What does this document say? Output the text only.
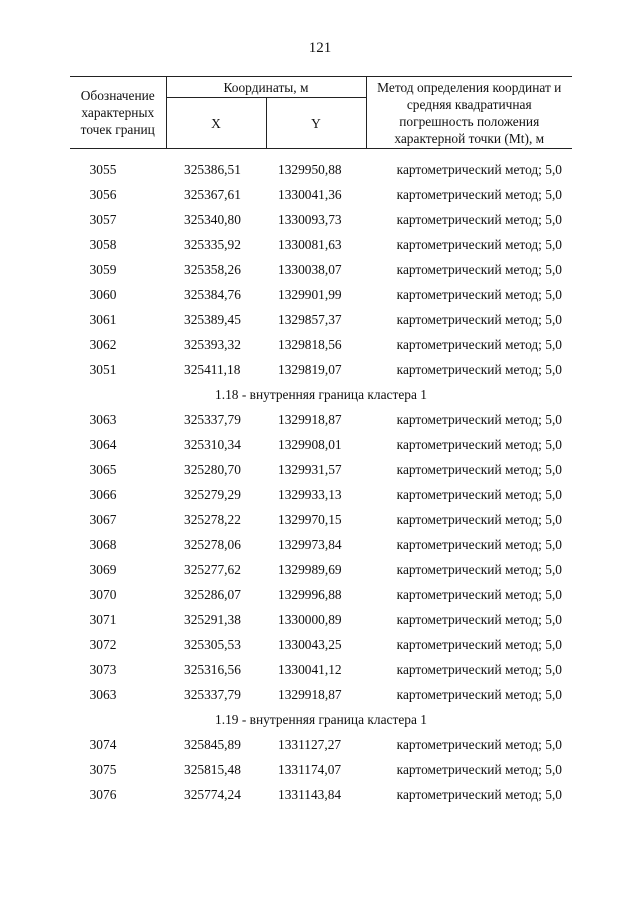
121
Обозначение характерных точек границ	Координаты, м		Метод определения координат и средняя квадратичная погрешность положения характерной точки (Mt), м
	X	Y	

3055	325386,51	1329950,88	картометрический метод; 5,0
3056	325367,61	1330041,36	картометрический метод; 5,0
3057	325340,80	1330093,73	картометрический метод; 5,0
3058	325335,92	1330081,63	картометрический метод; 5,0
3059	325358,26	1330038,07	картометрический метод; 5,0
3060	325384,76	1329901,99	картометрический метод; 5,0
3061	325389,45	1329857,37	картометрический метод; 5,0
3062	325393,32	1329818,56	картометрический метод; 5,0
3051	325411,18	1329819,07	картометрический метод; 5,0
1.18 - внутренняя граница кластера 1			
3063	325337,79	1329918,87	картометрический метод; 5,0
3064	325310,34	1329908,01	картометрический метод; 5,0
3065	325280,70	1329931,57	картометрический метод; 5,0
3066	325279,29	1329933,13	картометрический метод; 5,0
3067	325278,22	1329970,15	картометрический метод; 5,0
3068	325278,06	1329973,84	картометрический метод; 5,0
3069	325277,62	1329989,69	картометрический метод; 5,0
3070	325286,07	1329996,88	картометрический метод; 5,0
3071	325291,38	1330000,89	картометрический метод; 5,0
3072	325305,53	1330043,25	картометрический метод; 5,0
3073	325316,56	1330041,12	картометрический метод; 5,0
3063	325337,79	1329918,87	картометрический метод; 5,0
1.19 - внутренняя граница кластера 1			
3074	325845,89	1331127,27	картометрический метод; 5,0
3075	325815,48	1331174,07	картометрический метод; 5,0
3076	325774,24	1331143,84	картометрический метод; 5,0
